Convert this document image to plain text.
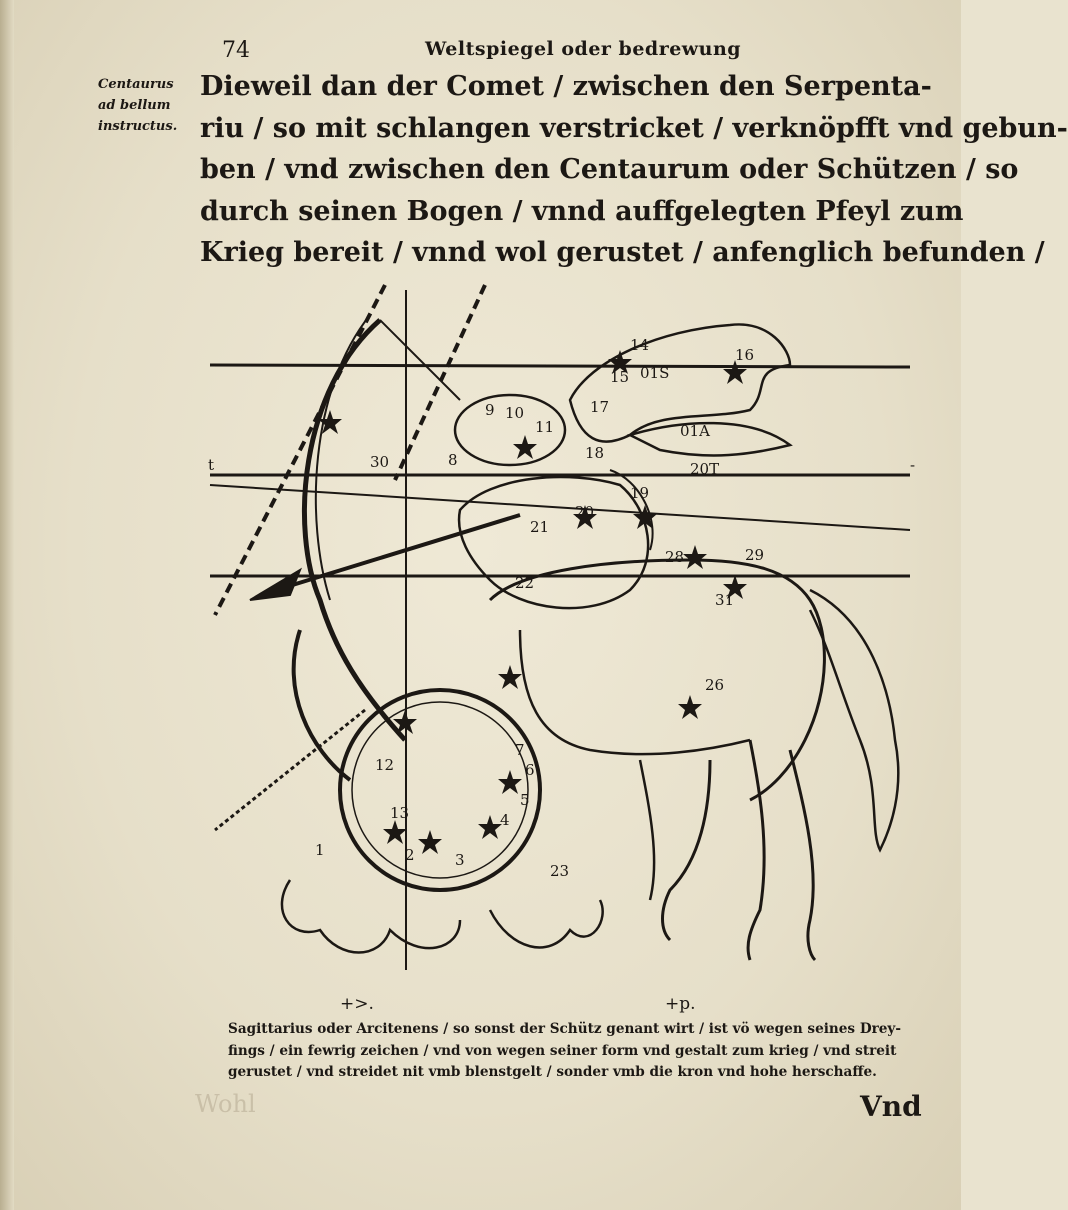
74	Weltspiegel oder bedrewung
Centaurus
ad bellum
instructus.
Dieweil dan der Comet / zwischen den Serpenta-
riu / so mit schlangen verstricket / verknöpfft vnd gebun-
ben / vnd zwischen den Centaurum oder Schützen / so
durch seinen Bogen / vnnd auffgelegten Pfeyl zum
Krieg bereit / vnnd wol gerustet / anfenglich befunden /
1	2	3
4
5
6
7
8
9 10
11
12
13
14
15
16
17
18
19
20
21
22
23
26
28	29
30
31
20T
01A
01S
t	-
+>.	+p.
Sagittarius oder Arcitenens / so sonst der Schütz genant wirt / ist vö wegen seines Drey-
fings / ein fewrig zeichen / vnd von wegen seiner form vnd gestalt zum krieg / vnd streit
gerustet / vnd streidet nit vmb blenstgelt / sonder vmb die kron vnd hohe herschaffe.
Wohl	Vnd
